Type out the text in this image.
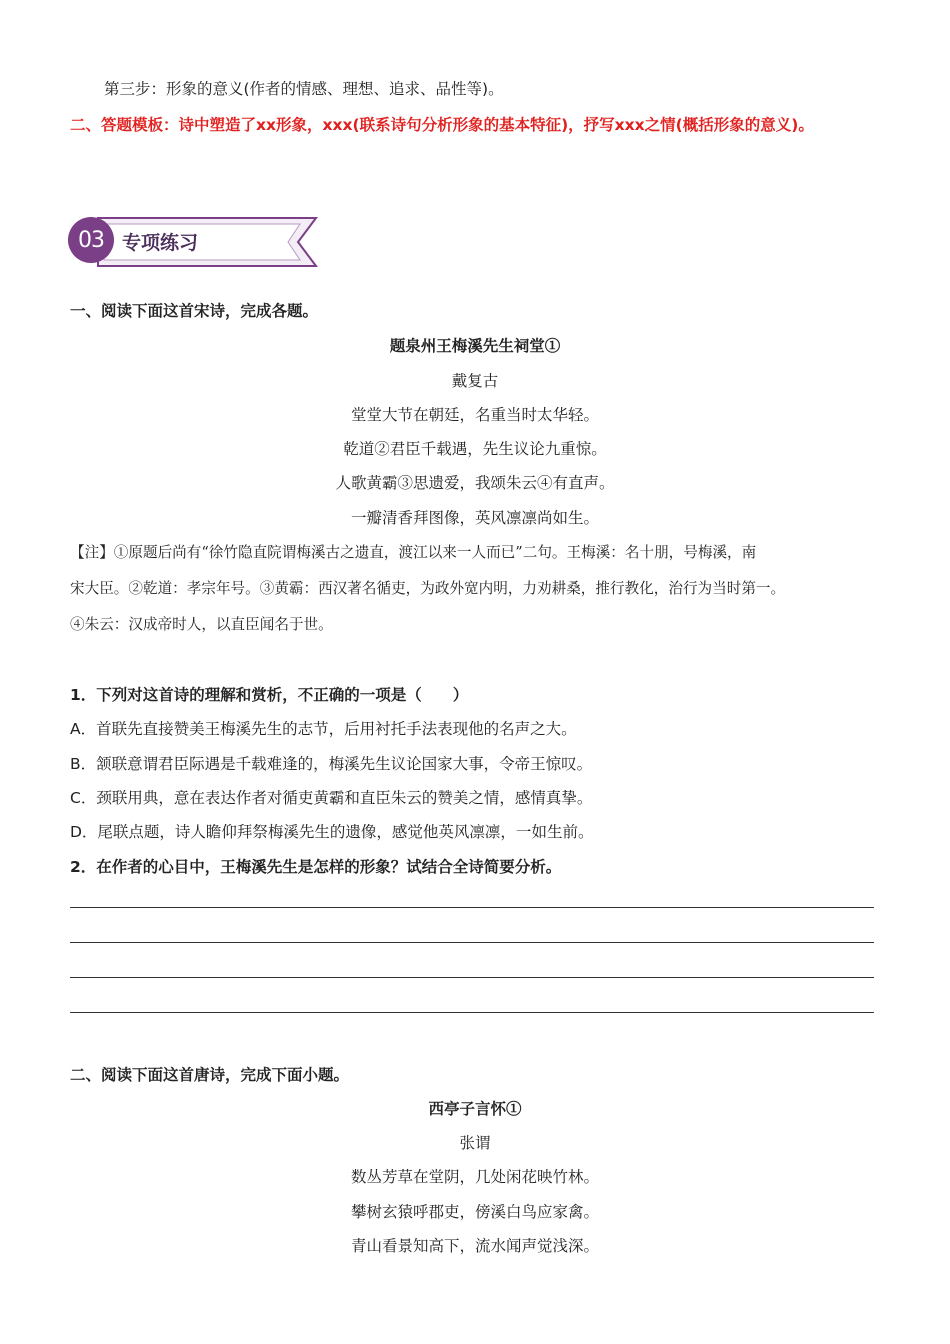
第三步：形象的意义(作者的情感、理想、追求、品性等)。
二、答题模板：诗中塑造了xx形象，xxx(联系诗句分析形象的基本特征)，抒写xxx之情(概括形象的意义)。
03 专项练习
一、阅读下面这首宋诗，完成各题。
题泉州王梅溪先生祠堂①
戴复古
堂堂大节在朝廷，名重当时太华轻。
乾道②君臣千载遇，先生议论九重惊。
人歌黄霸③思遗爱，我颂朱云④有直声。
一瓣清香拜图像，英风凛凛尚如生。
【注】①原题后尚有“徐竹隐直院谓梅溪古之遗直，渡江以来一人而已”二句。王梅溪：名十朋，号梅溪，南
宋大臣。②乾道：孝宗年号。③黄霸：西汉著名循吏，为政外宽内明，力劝耕桑，推行教化，治行为当时第一。
④朱云：汉成帝时人，以直臣闻名于世。
1．下列对这首诗的理解和赏析，不正确的一项是（　　）
A．首联先直接赞美王梅溪先生的志节，后用衬托手法表现他的名声之大。
B．颔联意谓君臣际遇是千载难逢的，梅溪先生议论国家大事，令帝王惊叹。
C．颈联用典，意在表达作者对循吏黄霸和直臣朱云的赞美之情，感情真挚。
D．尾联点题，诗人瞻仰拜祭梅溪先生的遗像，感觉他英风凛凛，一如生前。
2．在作者的心目中，王梅溪先生是怎样的形象？试结合全诗简要分析。
二、阅读下面这首唐诗，完成下面小题。
西亭子言怀①
张谓
数丛芳草在堂阴，几处闲花映竹林。
攀树玄猿呼郡吏，傍溪白鸟应家禽。
青山看景知高下，流水闻声觉浅深。
